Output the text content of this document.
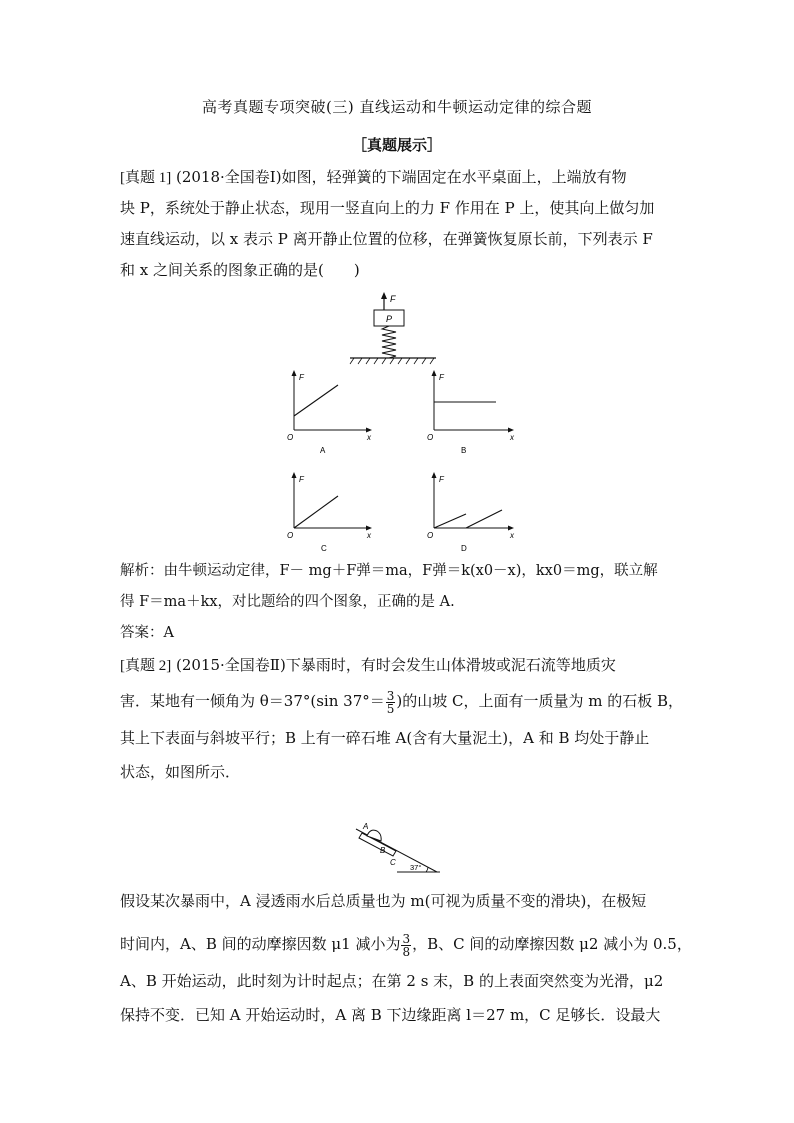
高考真题专项突破(三) 直线运动和牛顿运动定律的综合题
［真题展示］
[真题 1] (2018·全国卷Ⅰ)如图，轻弹簧的下端固定在水平桌面上，上端放有物
块 P，系统处于静止状态，现用一竖直向上的力 F 作用在 P 上，使其向上做匀加
速直线运动，以 x 表示 P 离开静止位置的位移，在弹簧恢复原长前，下列表示 F
和 x 之间关系的图象正确的是(　　)
F
P
F
x
O
A
F
x
O
B
F
x
O
C
F
x
O
D
解析：由牛顿运动定律，F－ mg＋F弹＝ma，F弹＝k(x0－x)，kx0＝mg，联立解
得 F＝ma＋kx，对比题给的四个图象，正确的是 A.
答案：A
[真题 2] (2015·全国卷Ⅱ)下暴雨时，有时会发生山体滑坡或泥石流等地质灾
害．某地有一倾角为 θ＝37°(sin $37^\circ= \frac{3}{5}$ )的山坡 C，上面有一质量为 m 的石板 B，
其上下表面与斜坡平行；B 上有一碎石堆 A(含有大量泥土)，A 和 B 均处于静止
状态，如图所示．
A
B
C
37°
假设某次暴雨中，A 浸透雨水后总质量也为 m(可视为质量不变的滑块)，在极短
时间内，A、B 间的动摩擦因数 μ1 减小为 $\frac{3}{8}$ ，B、C 间的动摩擦因数 μ2 减小为 0.5，
A、B 开始运动，此时刻为计时起点；在第 2 s 末，B 的上表面突然变为光滑，μ2
保持不变．已知 A 开始运动时，A 离 B 下边缘距离 l＝27 m，C 足够长．设最大
